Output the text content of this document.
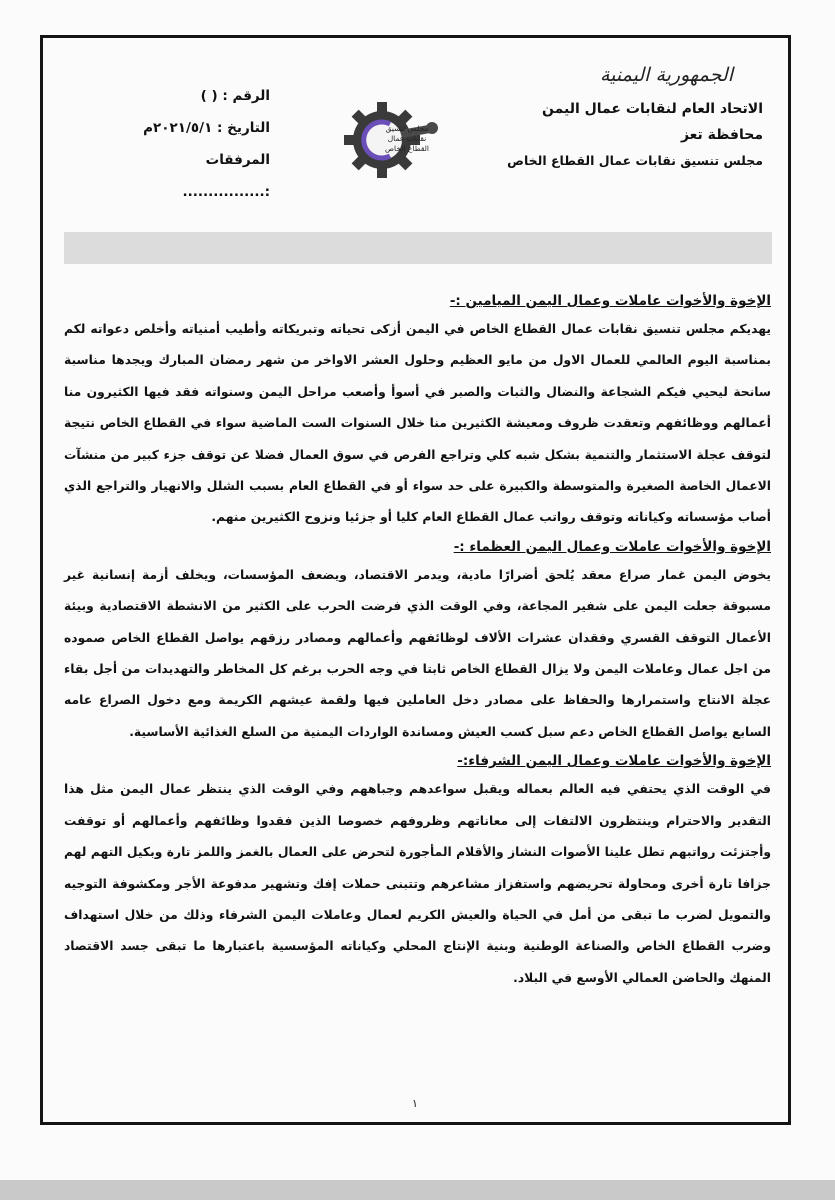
الجمهورية اليمنية
الاتحاد العام لنقابات عمال اليمن
محافظة تعز
مجلس تنسيق نقابات عمال القطاع الخاص
مجلس تنسيق
نقابات عمال
القطاع الخاص
الرقم : ( )
التاريخ : ٢٠٢١/٥/١م
المرفقات :................
الإخوة والأخوات عاملات وعمال اليمن الميامين :-

يهديكم مجلس تنسيق نقابات عمال القطاع الخاص في اليمن أزكى تحياته وتبريكاته وأطيب أمنياته وأخلص دعواته لكم بمناسبة اليوم العالمي للعمال الاول من مايو العظيم وحلول العشر الاواخر من شهر رمضان المبارك ويجدها مناسبة سانحة ليحيي فيكم الشجاعة والنضال والثبات والصبر في أسوأ وأصعب مراحل اليمن وسنواته فقد فيها الكثيرون منا أعمالهم ووظائفهم وتعقدت ظروف ومعيشة الكثيرين منا خلال السنوات الست الماضية سواء في القطاع الخاص نتيجة لتوقف عجلة الاستثمار والتنمية بشكل شبه كلي وتراجع الفرص في سوق العمال فضلا عن توقف جزء كبير من منشآت الاعمال الخاصة الصغيرة والمتوسطة والكبيرة على حد سواء أو في القطاع العام بسبب الشلل والانهيار والتراجع الذي أصاب مؤسساته وكياناته وتوقف رواتب عمال القطاع العام كليا أو جزئيا ونزوح الكثيرين منهم.

الإخوة والأخوات عاملات وعمال اليمن العظماء :-

يخوض اليمن غمار صراع معقد يُلحق أضرارًا مادية، ويدمر الاقتصاد، ويضعف المؤسسات، ويخلف أزمة إنسانية غير مسبوقة جعلت اليمن على شفير المجاعة، وفي الوقت الذي فرضت الحرب على الكثير من الانشطة الاقتصادية وبيئة الأعمال التوقف القسري وفقدان عشرات الألاف لوظائفهم وأعمالهم ومصادر رزقهم يواصل القطاع الخاص صموده من اجل عمال وعاملات اليمن ولا يزال القطاع الخاص ثابتا في وجه الحرب برغم كل المخاطر والتهديدات من أجل بقاء عجلة الانتاج واستمرارها والحفاظ على مصادر دخل العاملين فيها ولقمة عيشهم الكريمة ومع دخول الصراع عامه السابع يواصل القطاع الخاص دعم سبل كسب العيش ومساندة الواردات اليمنية من السلع الغذائية الأساسية.

الإخوة والأخوات عاملات وعمال اليمن الشرفاء:-

في الوقت الذي يحتفي فيه العالم بعماله ويقبل سواعدهم وجباههم وفي الوقت الذي ينتظر عمال اليمن مثل هذا التقدير والاحترام وينتظرون الالتفات إلى معاناتهم وظروفهم خصوصا الذين فقدوا وظائفهم وأعمالهم أو توقفت وأجتزئت رواتبهم تطل علينا الأصوات النشاز والأقلام المأجورة لتحرض على العمال بالغمز واللمز تارة وبكيل التهم لهم جزافا تارة أخرى ومحاولة تحريضهم واستفزاز مشاعرهم وتتبنى حملات إفك وتشهير مدفوعة الأجر ومكشوفة التوجيه والتمويل لضرب ما تبقى من أمل في الحياة والعيش الكريم لعمال وعاملات اليمن الشرفاء وذلك من خلال استهداف وضرب القطاع الخاص والصناعة الوطنية وبنية الإنتاج المحلي وكياناته المؤسسية باعتبارها ما تبقى جسد الاقتصاد المنهك والحاضن العمالي الأوسع في البلاد.

١
